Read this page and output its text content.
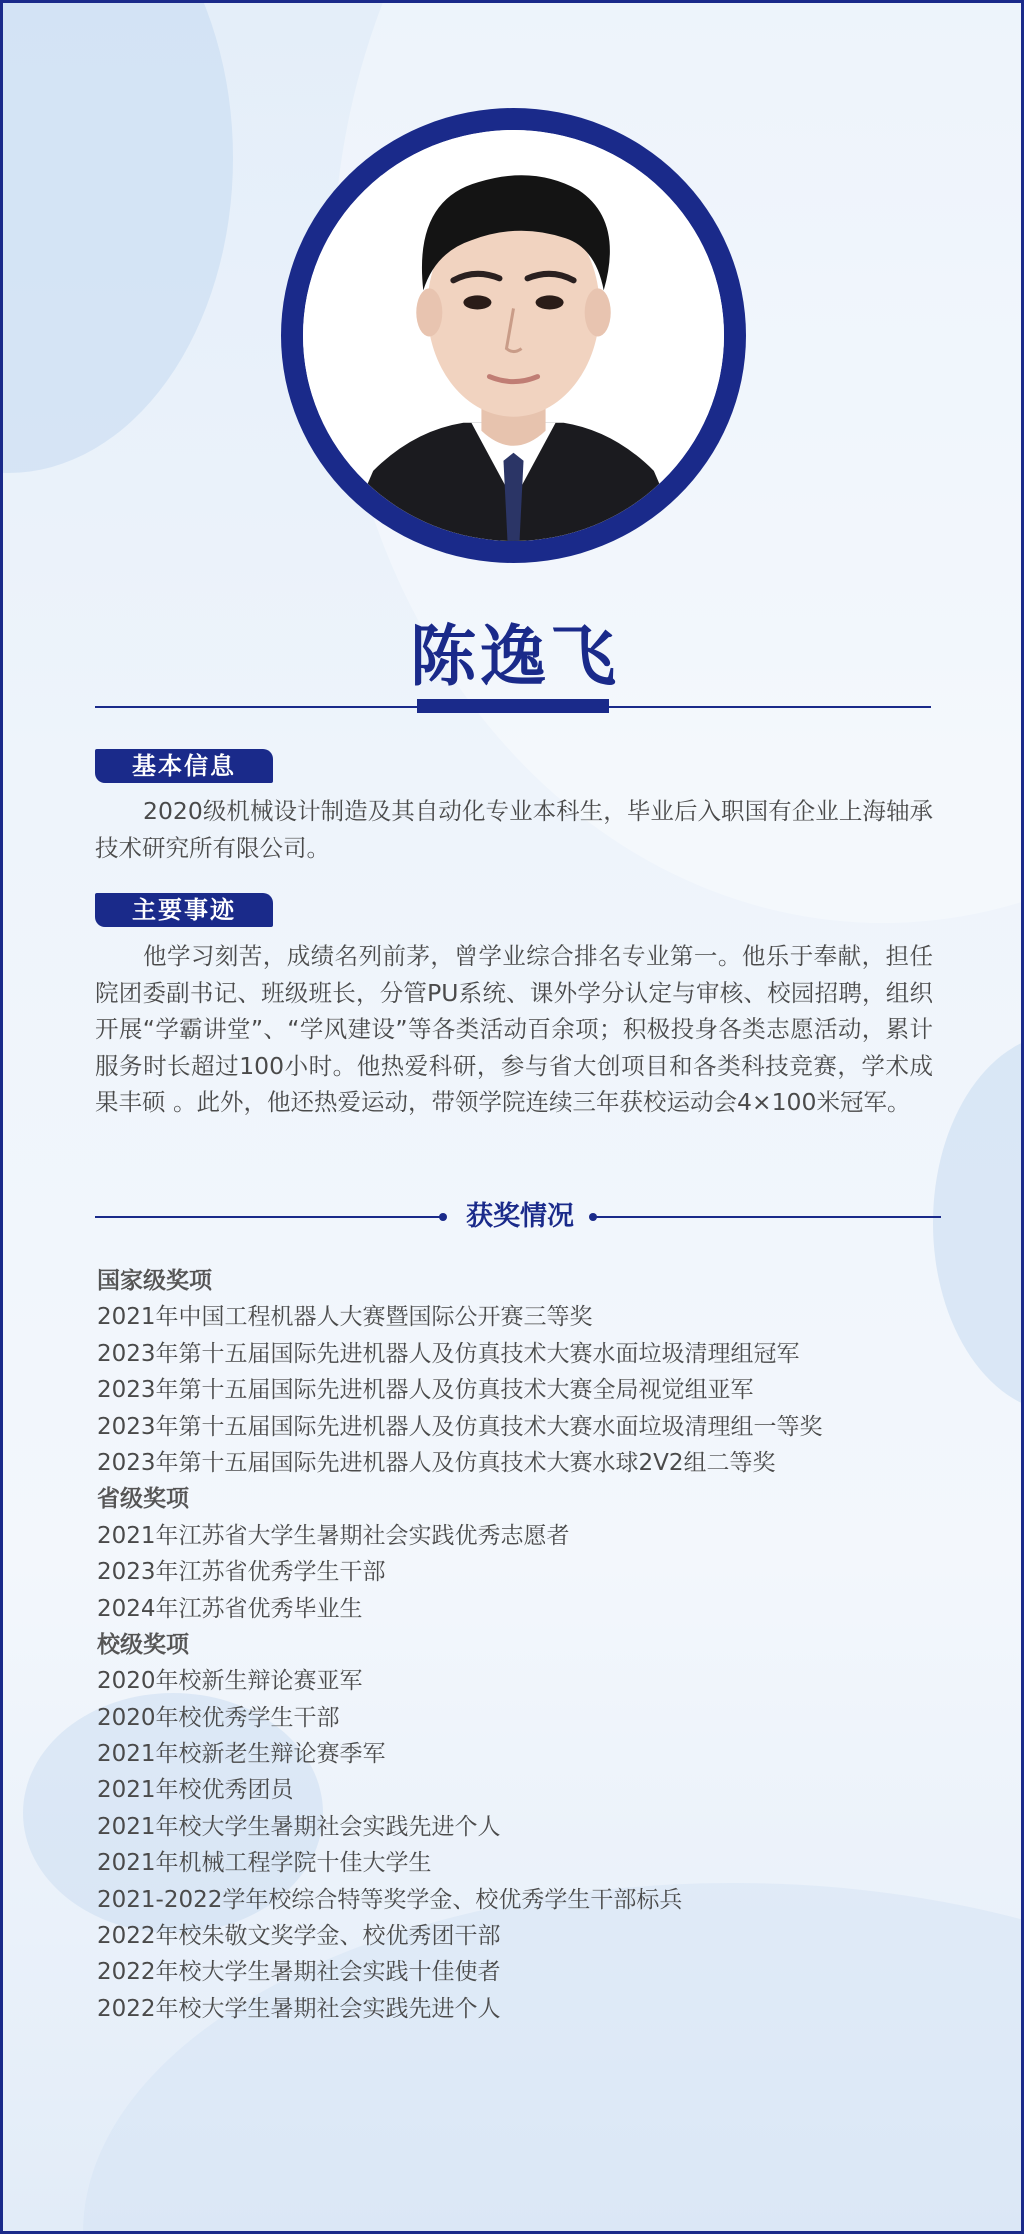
陈逸飞
基本信息

2020级机械设计制造及其自动化专业本科生，毕业后入职国有企业上海轴承技术研究所有限公司。

主要事迹

他学习刻苦，成绩名列前茅，曾学业综合排名专业第一。他乐于奉献，担任院团委副书记、班级班长，分管PU系统、课外学分认定与审核、校园招聘，组织开展“学霸讲堂”、“学风建设”等各类活动百余项；积极投身各类志愿活动，累计服务时长超过100小时。他热爱科研，参与省大创项目和各类科技竞赛，学术成果丰硕 。此外，他还热爱运动，带领学院连续三年获校运动会4×100米冠军。

获奖情况
国家级奖项
2021年中国工程机器人大赛暨国际公开赛三等奖
2023年第十五届国际先进机器人及仿真技术大赛水面垃圾清理组冠军
2023年第十五届国际先进机器人及仿真技术大赛全局视觉组亚军
2023年第十五届国际先进机器人及仿真技术大赛水面垃圾清理组一等奖
2023年第十五届国际先进机器人及仿真技术大赛水球2V2组二等奖
省级奖项
2021年江苏省大学生暑期社会实践优秀志愿者
2023年江苏省优秀学生干部
2024年江苏省优秀毕业生
校级奖项
2020年校新生辩论赛亚军
2020年校优秀学生干部
2021年校新老生辩论赛季军
2021年校优秀团员
2021年校大学生暑期社会实践先进个人
2021年机械工程学院十佳大学生
2021-2022学年校综合特等奖学金、校优秀学生干部标兵
2022年校朱敬文奖学金、校优秀团干部
2022年校大学生暑期社会实践十佳使者
2022年校大学生暑期社会实践先进个人
